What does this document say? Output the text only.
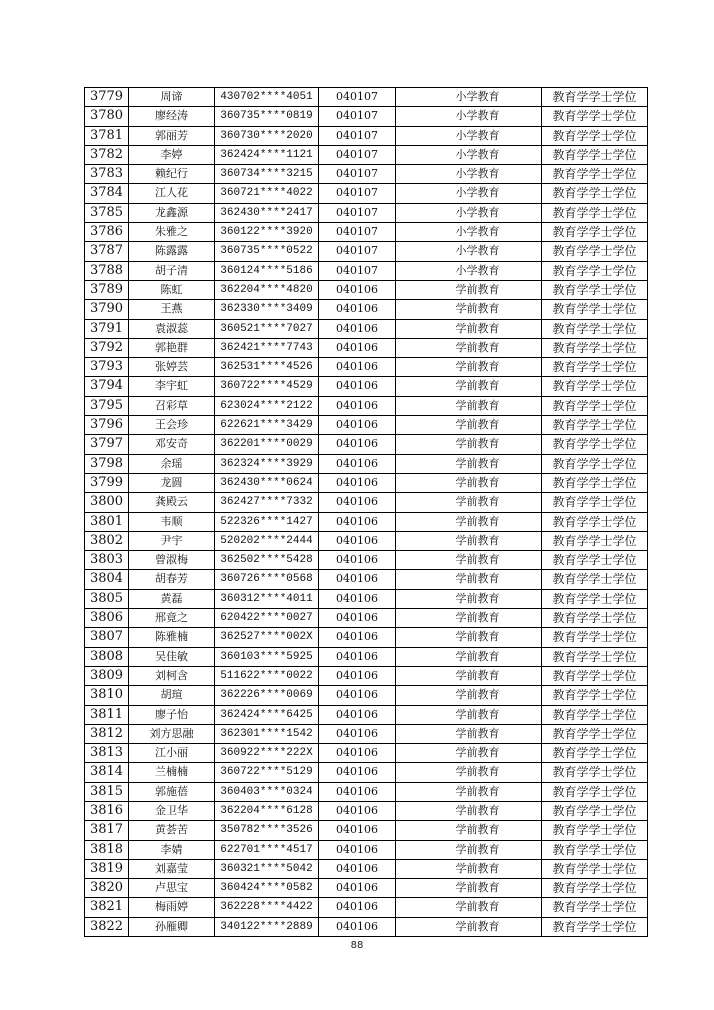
3779	周谛	430702****4051	040107	小学教育	教育学学士学位
3780	廖经涛	360735****0819	040107	小学教育	教育学学士学位
3781	郭丽芳	360730****2020	040107	小学教育	教育学学士学位
3782	李婷	362424****1121	040107	小学教育	教育学学士学位
3783	赖纪行	360734****3215	040107	小学教育	教育学学士学位
3784	江人花	360721****4022	040107	小学教育	教育学学士学位
3785	龙鑫源	362430****2417	040107	小学教育	教育学学士学位
3786	朱雅之	360122****3920	040107	小学教育	教育学学士学位
3787	陈露露	360735****0522	040107	小学教育	教育学学士学位
3788	胡子清	360124****5186	040107	小学教育	教育学学士学位
3789	陈虹	362204****4820	040106	学前教育	教育学学士学位
3790	王燕	362330****3409	040106	学前教育	教育学学士学位
3791	袁淑蕊	360521****7027	040106	学前教育	教育学学士学位
3792	郭艳群	362421****7743	040106	学前教育	教育学学士学位
3793	张婷芸	362531****4526	040106	学前教育	教育学学士学位
3794	李宇虹	360722****4529	040106	学前教育	教育学学士学位
3795	召彩草	623024****2122	040106	学前教育	教育学学士学位
3796	王会珍	622621****3429	040106	学前教育	教育学学士学位
3797	邓安奇	362201****0029	040106	学前教育	教育学学士学位
3798	余瑶	362324****3929	040106	学前教育	教育学学士学位
3799	龙圆	362430****0624	040106	学前教育	教育学学士学位
3800	龚殿云	362427****7332	040106	学前教育	教育学学士学位
3801	韦顺	522326****1427	040106	学前教育	教育学学士学位
3802	尹宇	520202****2444	040106	学前教育	教育学学士学位
3803	曾淑梅	362502****5428	040106	学前教育	教育学学士学位
3804	胡春芳	360726****0568	040106	学前教育	教育学学士学位
3805	黄磊	360312****4011	040106	学前教育	教育学学士学位
3806	邢竟之	620422****0027	040106	学前教育	教育学学士学位
3807	陈雅楠	362527****002X	040106	学前教育	教育学学士学位
3808	吴佳敏	360103****5925	040106	学前教育	教育学学士学位
3809	刘柯含	511622****0022	040106	学前教育	教育学学士学位
3810	胡瑄	362226****0069	040106	学前教育	教育学学士学位
3811	廖子怡	362424****6425	040106	学前教育	教育学学士学位
3812	刘方思融	362301****1542	040106	学前教育	教育学学士学位
3813	江小丽	360922****222X	040106	学前教育	教育学学士学位
3814	兰楠楠	360722****5129	040106	学前教育	教育学学士学位
3815	郭施蓓	360403****0324	040106	学前教育	教育学学士学位
3816	金卫华	362204****6128	040106	学前教育	教育学学士学位
3817	黄荟苦	350782****3526	040106	学前教育	教育学学士学位
3818	李婧	622701****4517	040106	学前教育	教育学学士学位
3819	刘嘉莹	360321****5042	040106	学前教育	教育学学士学位
3820	卢思宝	360424****0582	040106	学前教育	教育学学士学位
3821	梅雨婷	362228****4422	040106	学前教育	教育学学士学位
3822	孙雁卿	340122****2889	040106	学前教育	教育学学士学位
88
